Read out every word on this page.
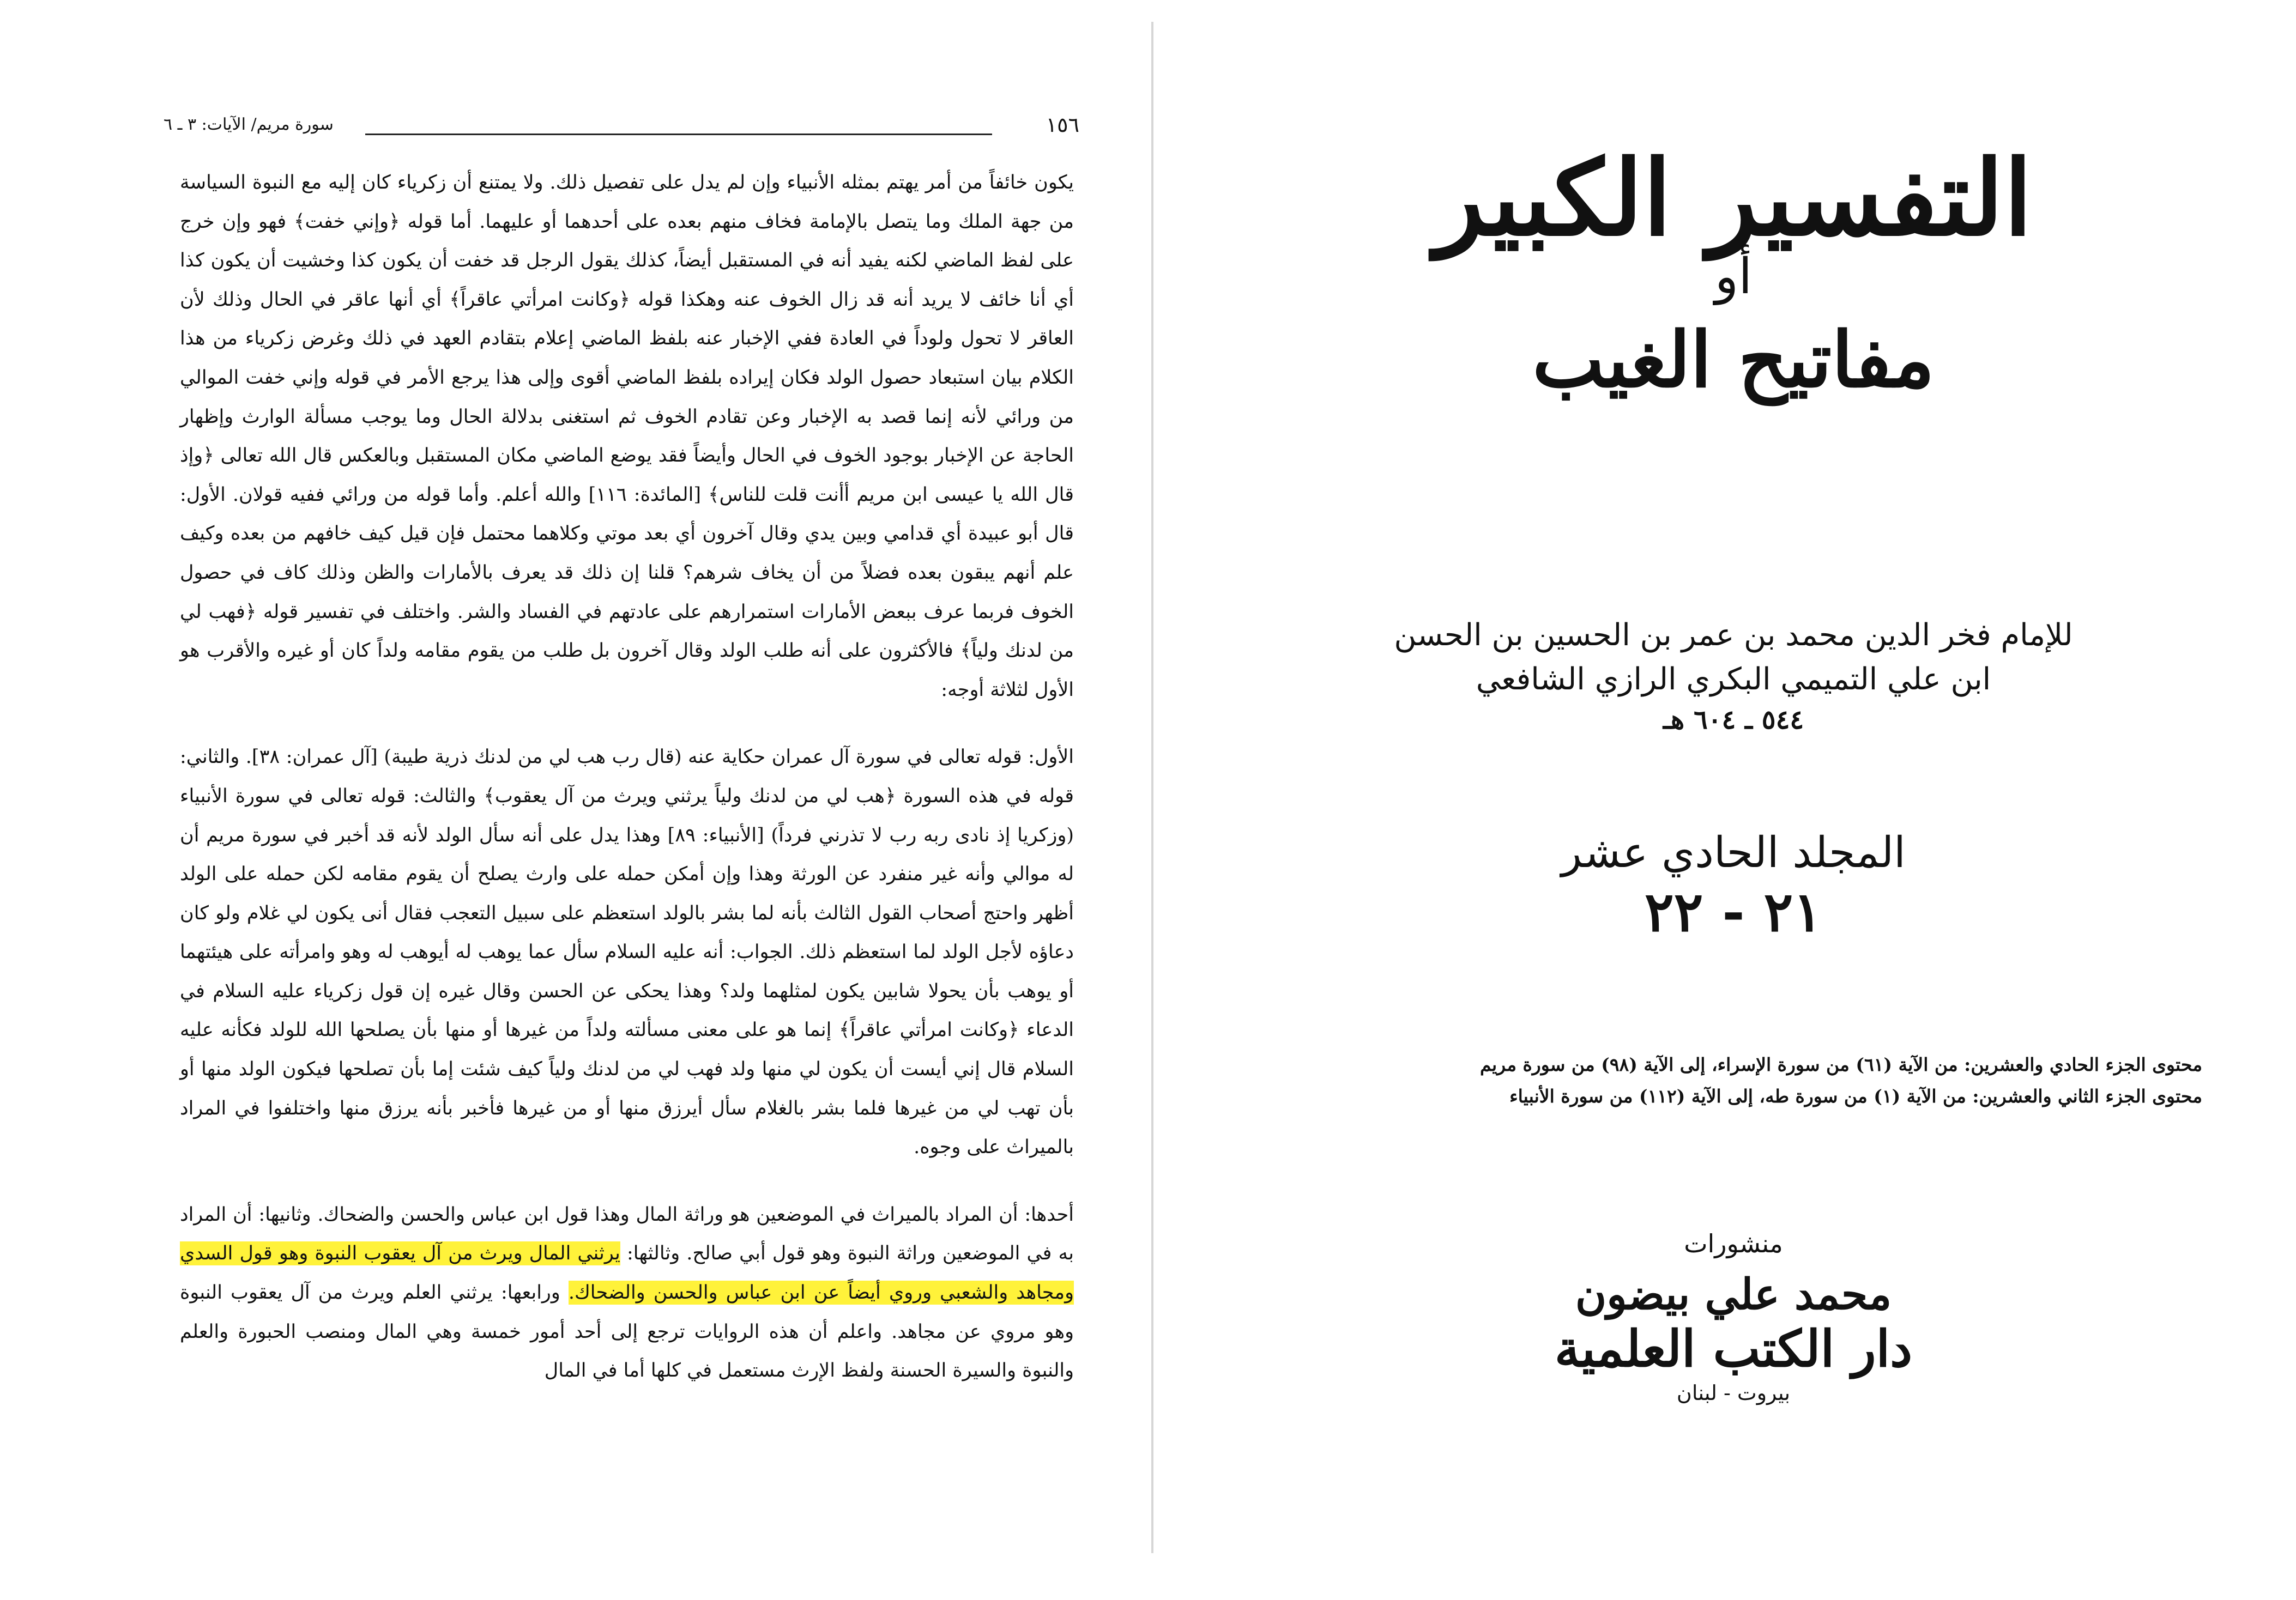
سورة مريم/ الآيات: ٣ ـ ٦	١٥٦

يكون خائفاً من أمر يهتم بمثله الأنبياء وإن لم يدل على تفصيل ذلك. ولا يمتنع أن زكرياء كان إليه مع النبوة السياسة من جهة الملك وما يتصل بالإمامة فخاف منهم بعده على أحدهما أو عليهما. أما قوله ﴿وإني خفت﴾ فهو وإن خرج على لفظ الماضي لكنه يفيد أنه في المستقبل أيضاً، كذلك يقول الرجل قد خفت أن يكون كذا وخشيت أن يكون كذا أي أنا خائف لا يريد أنه قد زال الخوف عنه وهكذا قوله ﴿وكانت امرأتي عاقراً﴾ أي أنها عاقر في الحال وذلك لأن العاقر لا تحول ولوداً في العادة ففي الإخبار عنه بلفظ الماضي إعلام بتقادم العهد في ذلك وغرض زكرياء من هذا الكلام بيان استبعاد حصول الولد فكان إيراده بلفظ الماضي أقوى وإلى هذا يرجع الأمر في قوله وإني خفت الموالي من ورائي لأنه إنما قصد به الإخبار وعن تقادم الخوف ثم استغنى بدلالة الحال وما يوجب مسألة الوارث وإظهار الحاجة عن الإخبار بوجود الخوف في الحال وأيضاً فقد يوضع الماضي مكان المستقبل وبالعكس قال الله تعالى ﴿وإذ قال الله يا عيسى ابن مريم أأنت قلت للناس﴾ [المائدة: ١١٦] والله أعلم. وأما قوله من ورائي ففيه قولان. الأول: قال أبو عبيدة أي قدامي وبين يدي وقال آخرون أي بعد موتي وكلاهما محتمل فإن قيل كيف خافهم من بعده وكيف علم أنهم يبقون بعده فضلاً من أن يخاف شرهم؟ قلنا إن ذلك قد يعرف بالأمارات والظن وذلك كاف في حصول الخوف فربما عرف ببعض الأمارات استمرارهم على عادتهم في الفساد والشر. واختلف في تفسير قوله ﴿فهب لي من لدنك ولياً﴾ فالأكثرون على أنه طلب الولد وقال آخرون بل طلب من يقوم مقامه ولداً كان أو غيره والأقرب هو الأول لثلاثة أوجه:

الأول: قوله تعالى في سورة آل عمران حكاية عنه (قال رب هب لي من لدنك ذرية طيبة) [آل عمران: ٣٨]. والثاني: قوله في هذه السورة ﴿هب لي من لدنك ولياً يرثني ويرث من آل يعقوب﴾ والثالث: قوله تعالى في سورة الأنبياء (وزكريا إذ نادى ربه رب لا تذرني فرداً) [الأنبياء: ٨٩] وهذا يدل على أنه سأل الولد لأنه قد أخبر في سورة مريم أن له موالي وأنه غير منفرد عن الورثة وهذا وإن أمكن حمله على وارث يصلح أن يقوم مقامه لكن حمله على الولد أظهر واحتج أصحاب القول الثالث بأنه لما بشر بالولد استعظم على سبيل التعجب فقال أنى يكون لي غلام ولو كان دعاؤه لأجل الولد لما استعظم ذلك. الجواب: أنه عليه السلام سأل عما يوهب له أيوهب له وهو وامرأته على هيئتهما أو يوهب بأن يحولا شابين يكون لمثلهما ولد؟ وهذا يحكى عن الحسن وقال غيره إن قول زكرياء عليه السلام في الدعاء ﴿وكانت امرأتي عاقراً﴾ إنما هو على معنى مسألته ولداً من غيرها أو منها بأن يصلحها الله للولد فكأنه عليه السلام قال إني أيست أن يكون لي منها ولد فهب لي من لدنك ولياً كيف شئت إما بأن تصلحها فيكون الولد منها أو بأن تهب لي من غيرها فلما بشر بالغلام سأل أيرزق منها أو من غيرها فأخبر بأنه يرزق منها واختلفوا في المراد بالميراث على وجوه.

أحدها: أن المراد بالميراث في الموضعين هو وراثة المال وهذا قول ابن عباس والحسن والضحاك. وثانيها: أن المراد به في الموضعين وراثة النبوة وهو قول أبي صالح. وثالثها: يرثني المال ويرث من آل يعقوب النبوة وهو قول السدي ومجاهد والشعبي وروي أيضاً عن ابن عباس والحسن والضحاك. ورابعها: يرثني العلم ويرث من آل يعقوب النبوة وهو مروي عن مجاهد. واعلم أن هذه الروايات ترجع إلى أحد أمور خمسة وهي المال ومنصب الحبورة والعلم والنبوة والسيرة الحسنة ولفظ الإرث مستعمل في كلها أما في المال

التفسير الكبير
أو
مفاتيح الغيب
للإمام فخر الدين محمد بن عمر بن الحسين بن الحسن
ابن علي التميمي البكري الرازي الشافعي
٥٤٤ ـ ٦٠٤ هـ
المجلد الحادي عشر
٢١ - ٢٢
محتوى الجزء الحادي والعشرين: من الآية (٦١) من سورة الإسراء، إلى الآية (٩٨) من سورة مريم
محتوى الجزء الثاني والعشرين: من الآية (١) من سورة طه، إلى الآية (١١٢) من سورة الأنبياء
منشورات
محمد علي بيضون
دار الكتب العلمية
بيروت - لبنان
